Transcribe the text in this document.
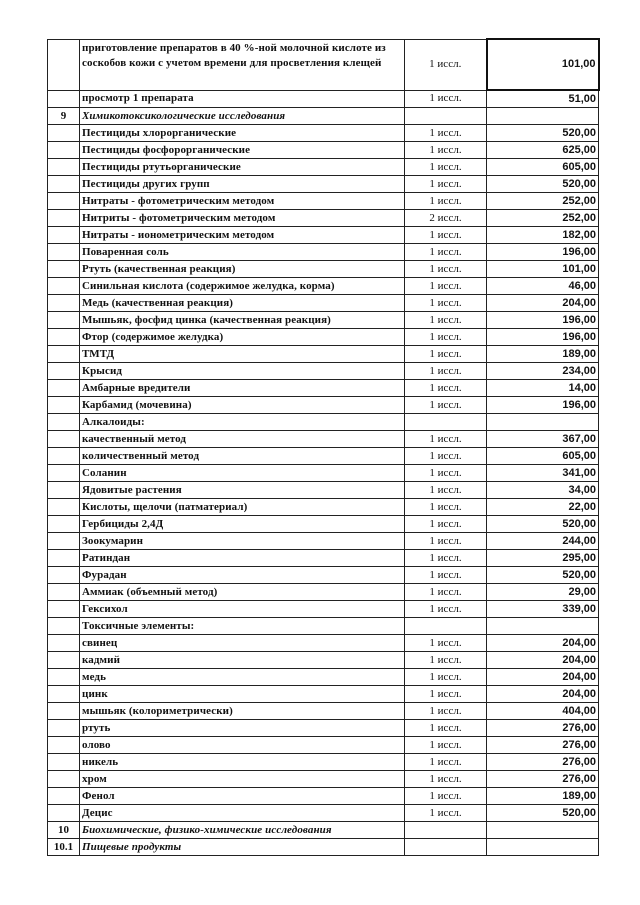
	приготовление препаратов в 40 %-ной молочной кислоте из соскобов кожи с учетом времени для просветления клещей	1 иссл.	101,00
	просмотр 1 препарата	1 иссл.	51,00
9	Химикотоксикологические исследования		
	Пестициды хлорорганические	1 иссл.	520,00
	Пестициды фосфорорганические	1 иссл.	625,00
	Пестициды ртутьорганические	1 иссл.	605,00
	Пестициды других групп	1 иссл.	520,00
	Нитраты - фотометрическим методом	1 иссл.	252,00
	Нитриты - фотометрическим методом	2 иссл.	252,00
	Нитраты - ионометрическим методом	1 иссл.	182,00
	Поваренная соль	1 иссл.	196,00
	Ртуть (качественная реакция)	1 иссл.	101,00
	Синильная кислота (содержимое желудка, корма)	1 иссл.	46,00
	Медь (качественная реакция)	1 иссл.	204,00
	Мышьяк, фосфид цинка (качественная реакция)	1 иссл.	196,00
	Фтор (содержимое желудка)	1 иссл.	196,00
	ТМТД	1 иссл.	189,00
	Крысид	1 иссл.	234,00
	Амбарные вредители	1 иссл.	14,00
	Карбамид (мочевина)	1 иссл.	196,00
	Алкалоиды:		
	качественный метод	1 иссл.	367,00
	количественный метод	1 иссл.	605,00
	Соланин	1 иссл.	341,00
	Ядовитые растения	1 иссл.	34,00
	Кислоты, щелочи (патматериал)	1 иссл.	22,00
	Гербициды 2,4Д	1 иссл.	520,00
	Зоокумарин	1 иссл.	244,00
	Ратиндан	1 иссл.	295,00
	Фурадан	1 иссл.	520,00
	Аммиак (объемный метод)	1 иссл.	29,00
	Гексихол	1 иссл.	339,00
	Токсичные элементы:		
	свинец	1 иссл.	204,00
	кадмий	1 иссл.	204,00
	медь	1 иссл.	204,00
	цинк	1 иссл.	204,00
	мышьяк (колориметрически)	1 иссл.	404,00
	ртуть	1 иссл.	276,00
	олово	1 иссл.	276,00
	никель	1 иссл.	276,00
	хром	1 иссл.	276,00
	Фенол	1 иссл.	189,00
	Децис	1 иссл.	520,00
10	Биохимические, физико-химические исследования		
10.1	Пищевые продукты		
